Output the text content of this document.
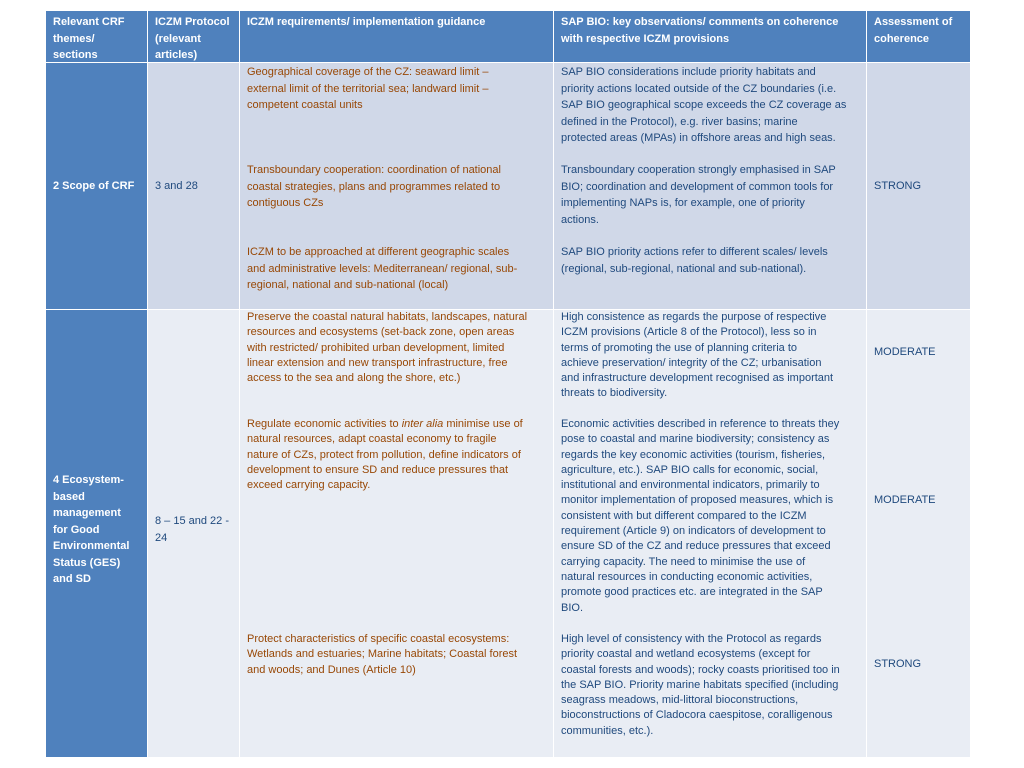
Relevant CRF
themes/
sections
ICZM Protocol
(relevant
articles)
ICZM requirements/ implementation guidance	SAP BIO: key observations/ comments on coherence
with respective ICZM provisions
Assessment of
coherence
2 Scope of CRF	3 and 28
Geographical coverage of the CZ: seaward limit –
external limit of the territorial sea; landward limit –
competent coastal units
Transboundary cooperation: coordination of national
coastal strategies, plans and programmes related to
contiguous CZs
ICZM to be approached at different geographic scales
and administrative levels: Mediterranean/ regional, sub-
regional, national and sub-national (local)
SAP BIO considerations include priority habitats and
priority actions located outside of the CZ boundaries (i.e.
SAP BIO geographical scope exceeds the CZ coverage as
defined in the Protocol), e.g. river basins; marine
protected areas (MPAs) in offshore areas and high seas.
Transboundary cooperation strongly emphasised in SAP
BIO; coordination and development of common tools for
implementing NAPs is, for example, one of priority
actions.
SAP BIO priority actions refer to different scales/ levels
(regional, sub-regional, national and sub-national).
STRONG
4 Ecosystem-
based
management
for Good
Environmental
Status (GES)
and SD
8 – 15 and 22 -
24
Preserve the coastal natural habitats, landscapes, natural
resources and ecosystems (set-back zone, open areas
with restricted/ prohibited urban development, limited
linear extension and new transport infrastructure, free
access to the sea and along the shore, etc.)
Regulate economic activities to inter alia minimise use of
natural resources, adapt coastal economy to fragile
nature of CZs, protect from pollution, define indicators of
development to ensure SD and reduce pressures that
exceed carrying capacity.
Protect characteristics of specific coastal ecosystems:
Wetlands and estuaries; Marine habitats; Coastal forest
and woods; and Dunes (Article 10)
High consistence as regards the purpose of respective
ICZM provisions (Article 8 of the Protocol), less so in
terms of promoting the use of planning criteria to
achieve preservation/ integrity of the CZ; urbanisation
and infrastructure development recognised as important
threats to biodiversity.
Economic activities described in reference to threats they
pose to coastal and marine biodiversity; consistency as
regards the key economic activities (tourism, fisheries,
agriculture, etc.). SAP BIO calls for economic, social,
institutional and environmental indicators, primarily to
monitor implementation of proposed measures, which is
consistent with but different compared to the ICZM
requirement (Article 9) on indicators of development to
ensure SD of the CZ and reduce pressures that exceed
carrying capacity. The need to minimise the use of
natural resources in conducting economic activities,
promote good practices etc. are integrated in the SAP
BIO.
High level of consistency with the Protocol as regards
priority coastal and wetland ecosystems (except for
coastal forests and woods); rocky coasts prioritised too in
the SAP BIO. Priority marine habitats specified (including
seagrass meadows, mid-littoral bioconstructions,
bioconstructions of Cladocora caespitose, coralligenous
communities, etc.).
MODERATE
MODERATE
STRONG
